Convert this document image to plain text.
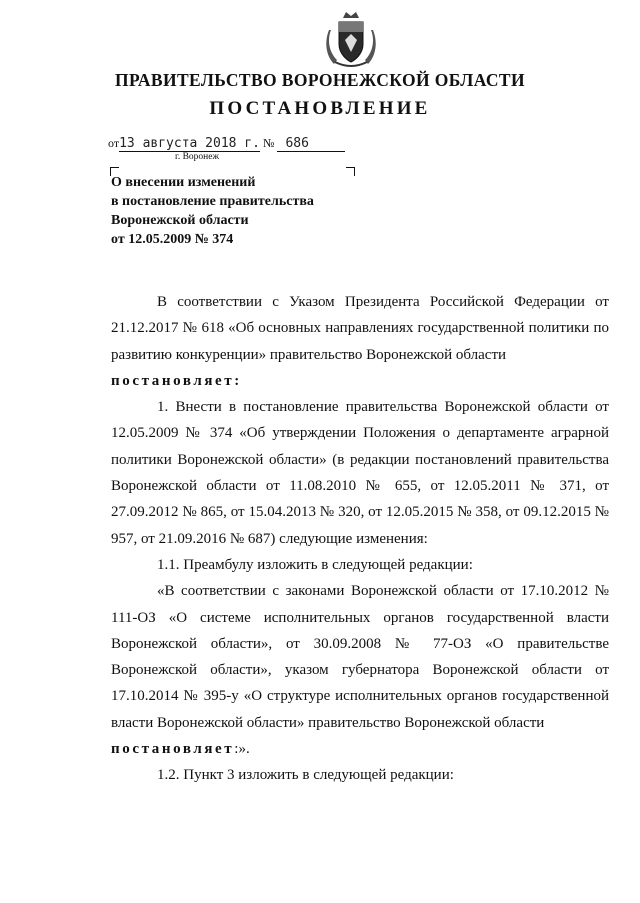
ПРАВИТЕЛЬСТВО ВОРОНЕЖСКОЙ ОБЛАСТИ
ПОСТАНОВЛЕНИЕ
от13 августа 2018 г. № 686
г. Воронеж
О внесении изменений
в постановление правительства
Воронежской области
от 12.05.2009 № 374

В соответствии с Указом Президента Российской Федерации от 21.12.2017 № 618 «Об основных направлениях государственной политики по развитию конкуренции» правительство Воронежской области

постановляет:

1. Внести в постановление правительства Воронежской области от 12.05.2009 № 374 «Об утверждении Положения о департаменте аграрной политики Воронежской области» (в редакции постановлений правительства Воронежской области от 11.08.2010 № 655, от 12.05.2011 № 371, от 27.09.2012 № 865, от 15.04.2013 № 320, от 12.05.2015 № 358, от 09.12.2015 № 957, от 21.09.2016 № 687) следующие изменения:

1.1. Преамбулу изложить в следующей редакции:

«В соответствии с законами Воронежской области от 17.10.2012 № 111-ОЗ «О системе исполнительных органов государственной власти Воронежской области», от 30.09.2008 № 77-ОЗ «О правительстве Воронежской области», указом губернатора Воронежской области от 17.10.2014 № 395-у «О структуре исполнительных органов государственной власти Воронежской области» правительство Воронежской области

постановляет:».

1.2. Пункт 3 изложить в следующей редакции:
